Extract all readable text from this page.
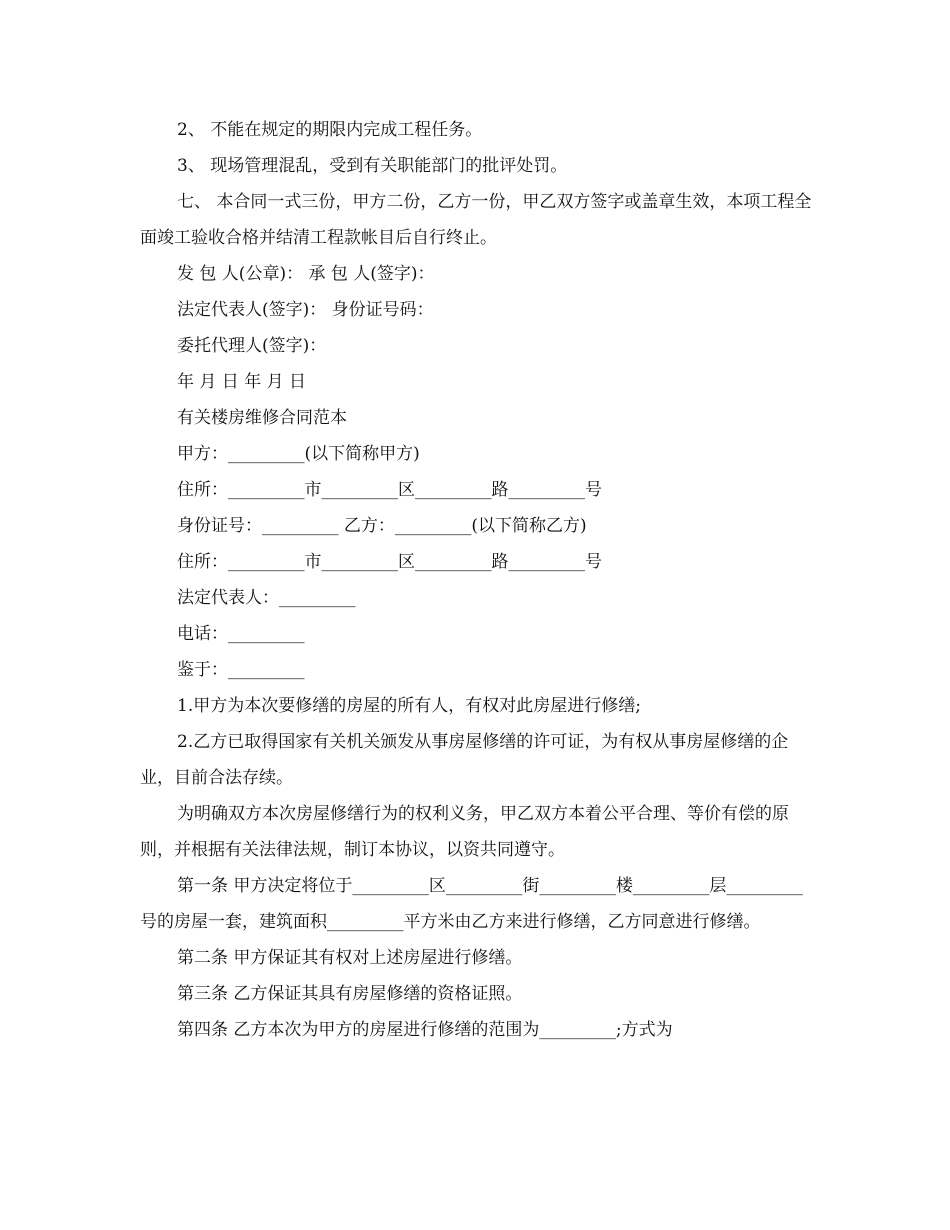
2、 不能在规定的期限内完成工程任务。

3、 现场管理混乱，受到有关职能部门的批评处罚。

七、 本合同一式三份，甲方二份，乙方一份，甲乙双方签字或盖章生效，本项工程全面竣工验收合格并结清工程款帐目后自行终止。

发 包 人(公章)： 承 包 人(签字)：

法定代表人(签字)： 身份证号码：

委托代理人(签字)：

年 月 日 年 月 日

有关楼房维修合同范本

甲方：_________(以下简称甲方)

住所：_________市_________区_________路_________号

身份证号：_________ 乙方：_________(以下简称乙方)

住所：_________市_________区_________路_________号

法定代表人：_________

电话：_________

鉴于：_________

1.甲方为本次要修缮的房屋的所有人，有权对此房屋进行修缮;

2.乙方已取得国家有关机关颁发从事房屋修缮的许可证，为有权从事房屋修缮的企业，目前合法存续。

为明确双方本次房屋修缮行为的权利义务，甲乙双方本着公平合理、等价有偿的原则，并根据有关法律法规，制订本协议，以资共同遵守。

第一条 甲方决定将位于_________区_________街_________楼_________层_________号的房屋一套，建筑面积_________平方米由乙方来进行修缮，乙方同意进行修缮。

第二条 甲方保证其有权对上述房屋进行修缮。

第三条 乙方保证其具有房屋修缮的资格证照。

第四条 乙方本次为甲方的房屋进行修缮的范围为_________;方式为
